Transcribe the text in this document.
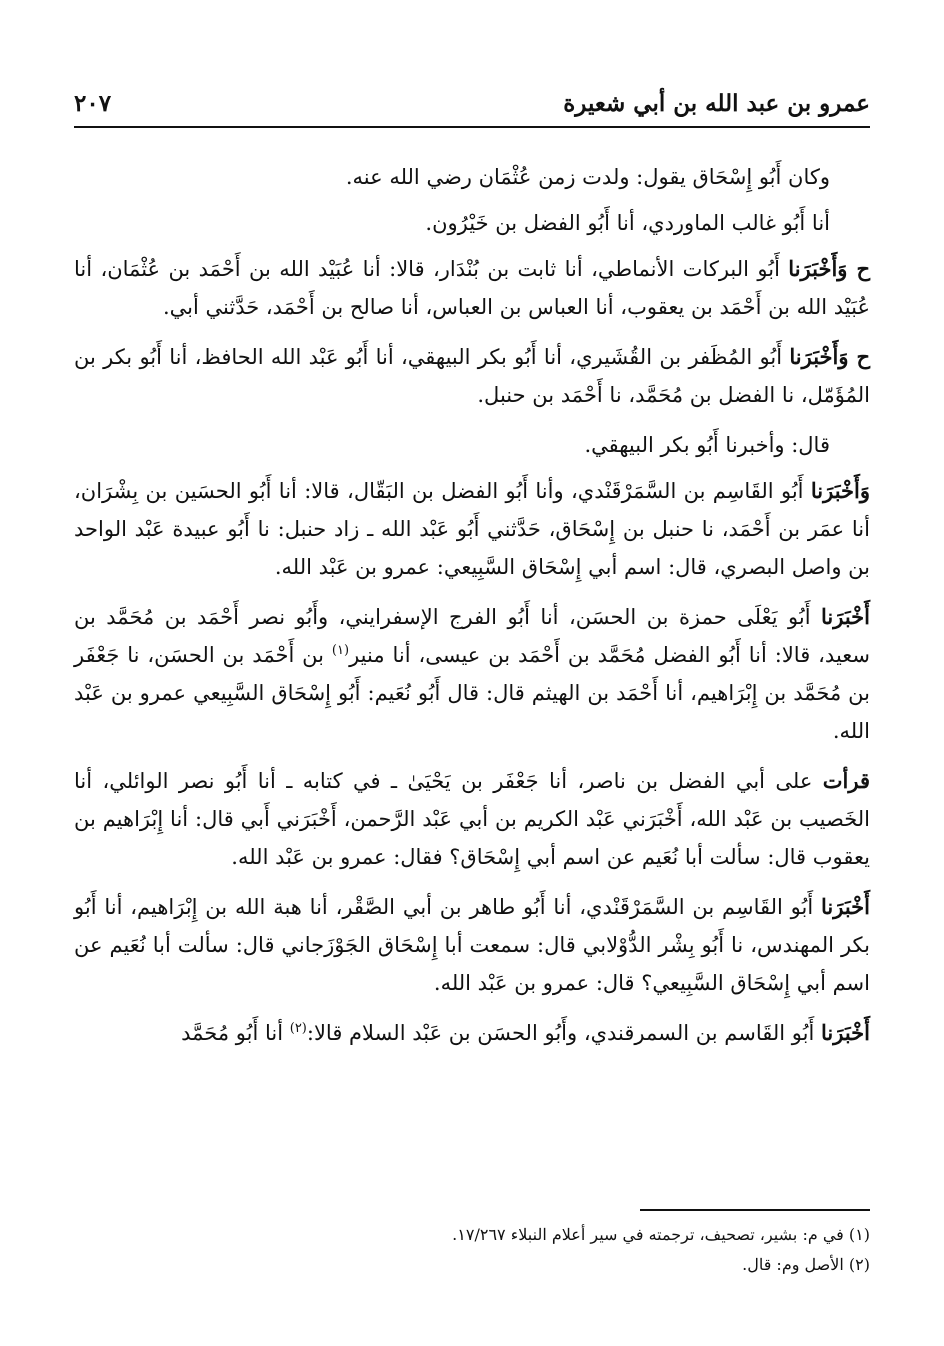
عمرو بن عبد الله بن أبي شعيرة
٢٠٧

وكان أَبُو إِسْحَاق يقول: ولدت زمن عُثْمَان رضي الله عنه.

أنا أَبُو غالب الماوردي، أنا أَبُو الفضل بن خَيْرُون.

ح وَأَخْبَرَنا أَبُو البركات الأنماطي، أنا ثابت بن بُنْدَار، قالا: أنا عُبَيْد الله بن أَحْمَد بن عُثْمَان، أنا عُبَيْد الله بن أَحْمَد بن يعقوب، أنا العباس بن العباس، أنا صالح بن أَحْمَد، حَدَّثني أبي.

ح وَأَخْبَرَنا أَبُو المُظَفر بن القُشَيري، أنا أَبُو بكر البيهقي، أنا أَبُو عَبْد الله الحافظ، أنا أَبُو بكر بن المُؤَمّل، نا الفضل بن مُحَمَّد، نا أَحْمَد بن حنبل.

قال: وأخبرنا أَبُو بكر البيهقي.

وَأَخْبَرَنا أَبُو القَاسِم بن السَّمَرْقَنْدي، وأنا أَبُو الفضل بن البَقّال، قالا: أنا أَبُو الحسَين بن بِشْرَان، أنا عمَر بن أَحْمَد، نا حنبل بن إِسْحَاق، حَدَّثني أَبُو عَبْد الله ـ زاد حنبل: نا أَبُو عبيدة عَبْد الواحد بن واصل البصري، قال: اسم أبي إِسْحَاق السَّبِيعي: عمرو بن عَبْد الله.

أَخْبَرَنا أَبُو يَعْلَى حمزة بن الحسَن، أنا أَبُو الفرج الإسفرايني، وأَبُو نصر أَحْمَد بن مُحَمَّد بن سعيد، قالا: أنا أَبُو الفضل مُحَمَّد بن أَحْمَد بن عيسى، أنا منير$^{(١)}$ بن أَحْمَد بن الحسَن، نا جَعْفَر بن مُحَمَّد بن إِبْرَاهيم، أنا أَحْمَد بن الهيثم قال: قال أَبُو نُعَيم: أَبُو إِسْحَاق السَّبِيعي عمرو بن عَبْد الله.

قرأت على أبي الفضل بن ناصر، أنا جَعْفَر بن يَحْيَىٰ ـ في كتابه ـ أنا أَبُو نصر الوائلي، أنا الخَصيب بن عَبْد الله، أَخْبَرَني عَبْد الكريم بن أبي عَبْد الرَّحمن، أَخْبَرَني أَبي قال: أنا إِبْرَاهيم بن يعقوب قال: سألت أبا نُعَيم عن اسم أبي إِسْحَاق؟ فقال: عمرو بن عَبْد الله.

أَخْبَرَنا أَبُو القَاسِم بن السَّمَرْقَنْدي، أنا أَبُو طاهر بن أبي الصَّقْر، أنا هبة الله بن إِبْرَاهيم، أنا أَبُو بكر المهندس، نا أَبُو بِشْر الدُّوْلابي قال: سمعت أبا إِسْحَاق الجَوْزَجاني قال: سألت أبا نُعَيم عن اسم أبي إِسْحَاق السَّبِيعي؟ قال: عمرو بن عَبْد الله.

أَخْبَرَنا أَبُو القَاسم بن السمرقندي، وأَبُو الحسَن بن عَبْد السلام قالا:$^{(٢)}$ أنا أَبُو مُحَمَّد

(١) في م: بشير، تصحيف، ترجمته في سير أعلام النبلاء ١٧/٢٦٧.

(٢) الأصل وم: قال.
